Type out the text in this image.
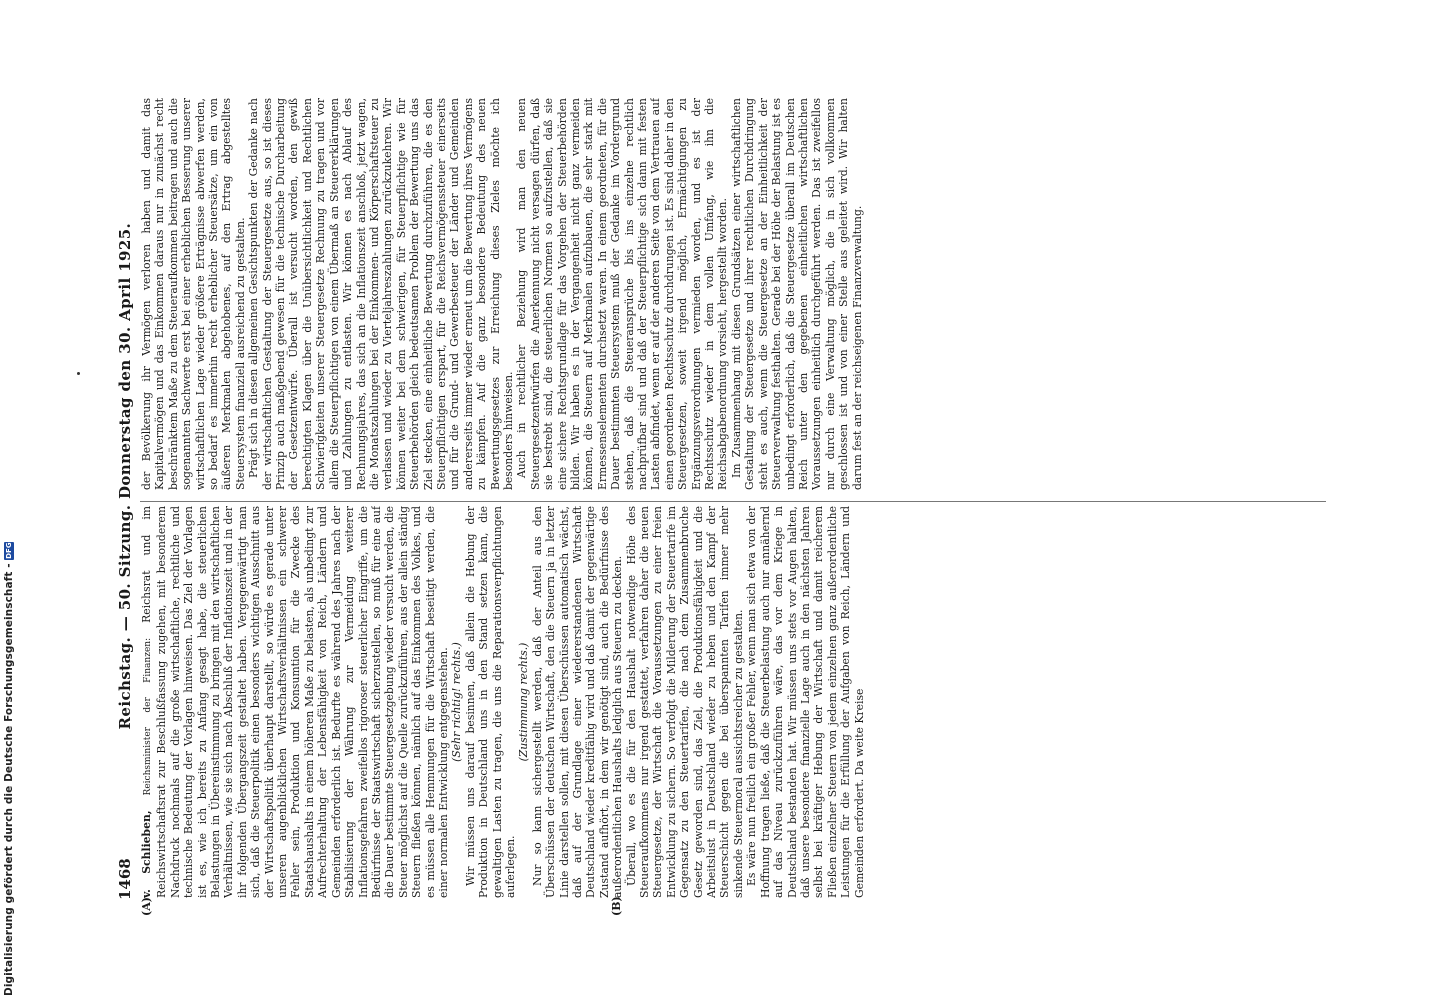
Digitalisierung gefördert durch die Deutsche Forschungsgemeinschaft - DFG
1468
Reichstag. — 50. Sitzung. Donnerstag den 30. April 1925.
(A)	(B)

v. Schlieben, Reichsminister der Finanzen: Reichsrat und im Reichswirtschaftsrat zur Beschlußfassung zugehen, mit besonderem Nachdruck nochmals auf die große wirtschaftliche, rechtliche und technische Bedeutung der Vorlagen hinweisen. Das Ziel der Vorlagen ist es, wie ich bereits zu Anfang gesagt habe, die steuerlichen Belastungen in Übereinstimmung zu bringen mit den wirtschaftlichen Verhältnissen, wie sie sich nach Abschluß der Inflationszeit und in der ihr folgenden Übergangszeit gestaltet haben. Vergegenwärtigt man sich, daß die Steuerpolitik einen besonders wichtigen Ausschnitt aus der Wirtschaftspolitik überhaupt darstellt, so würde es gerade unter unseren augenblicklichen Wirtschaftsverhältnissen ein schwerer Fehler sein, Produktion und Konsumtion für die Zwecke des Staatshaushalts in einem höheren Maße zu belasten, als unbedingt zur Aufrechterhaltung der Lebensfähigkeit von Reich, Ländern und Gemeinden erforderlich ist. Bedurfte es während des Jahres nach der Stabilisierung der Währung zur Vermeidung weiterer Inflationsgefahren zweifellos rigoroser steuerlicher Eingriffe, um die Bedürfnisse der Staatswirtschaft sicherzustellen, so muß für eine auf die Dauer bestimmte Steuergesetzgebung wieder versucht werden, die Steuer möglichst auf die Quelle zurückzuführen, aus der allein ständig Steuern fließen können, nämlich auf das Einkommen des Volkes, und es müssen alle Hemmungen für die Wirtschaft beseitigt werden, die einer normalen Entwicklung entgegenstehen. (Sehr richtig! rechts.) Wir müssen uns darauf besinnen, daß allein die Hebung der Produktion in Deutschland uns in den Stand setzen kann, die gewaltigen Lasten zu tragen, die uns die Reparationsverpflichtungen auferlegen.

(Zustimmung rechts.) Nur so kann sichergestellt werden, daß der Anteil aus den Überschüssen der deutschen Wirtschaft, den die Steuern ja in letzter Linie darstellen sollen, mit diesen Überschüssen automatisch wächst, daß auf der Grundlage einer wiedererstandenen Wirtschaft Deutschland wieder kreditfähig wird und daß damit der gegenwärtige Zustand aufhört, in dem wir genötigt sind, auch die Bedürfnisse des außerordentlichen Haushalts lediglich aus Steuern zu decken. Überall, wo es die für den Haushalt notwendige Höhe des Steueraufkommens nur irgend gestattet, verfahren daher die neuen Steuergesetze, der Wirtschaft die Voraussetzungen zu einer freien Entwicklung zu sichern. So verfolgt die Milderung der Steuertarife im Gegensatz zu den Steuertarifen, die nach dem Zusammenbruche Gesetz geworden sind, das Ziel, die Produktionsfähigkeit und die Arbeitslust in Deutschland wieder zu heben und den Kampf der Steuerschicht gegen die bei überspannten Tarifen immer mehr sinkende Steuermoral aussichtsreicher zu gestalten. Es wäre nun freilich ein großer Fehler, wenn man sich etwa von der Hoffnung tragen ließe, daß die Steuerbelastung auch nur annähernd auf das Niveau zurückzuführen wäre, das vor dem Kriege in Deutschland bestanden hat. Wir müssen uns stets vor Augen halten, daß unsere besondere finanzielle Lage auch in den nächsten Jahren selbst bei kräftiger Hebung der Wirtschaft und damit reicherem Fließen einzelner Steuern von jedem einzelnen ganz außerordentliche Leistungen für die Erfüllung der Aufgaben von Reich, Ländern und Gemeinden erfordert. Da weite Kreise

der Bevölkerung ihr Vermögen verloren haben und damit das Kapitalvermögen und das Einkommen daraus nur in zunächst recht beschränktem Maße zu dem Steueraufkommen beitragen und auch die sogenannten Sachwerte erst bei einer erheblichen Besserung unserer wirtschaftlichen Lage wieder größere Erträgnisse abwerfen werden, so bedarf es immerhin recht erheblicher Steuersätze, um ein von äußeren Merkmalen abgehobenes, auf den Ertrag abgestelltes Steuersystem finanziell ausreichend zu gestalten. Prägt sich in diesen allgemeinen Gesichtspunkten der Gedanke nach der wirtschaftlichen Gestaltung der Steuergesetze aus, so ist dieses Prinzip auch maßgebend gewesen für die technische Durcharbeitung der Gesetzentwürfe. Überall ist versucht worden, den gewiß berechtigten Klagen über die Unübersichtlichkeit und Rechtlichen Schwierigkeiten unserer Steuergesetze Rechnung zu tragen und vor allem die Steuerpflichtigen von einem Übermaß an Steuererklärungen und Zahlungen zu entlasten. Wir können es nach Ablauf des Rechnungsjahres, das sich an die Inflationszeit anschloß, jetzt wagen, die Monatszahlungen bei der Einkommen- und Körperschaftsteuer zu verlassen und wieder zu Vierteljahreszahlungen zurückzukehren. Wir können weiter bei dem schwierigen, für Steuerpflichtige wie für Steuerbehörden gleich bedeutsamen Problem der Bewertung uns das Ziel stecken, eine einheitliche Bewertung durchzuführen, die es den Steuerpflichtigen erspart, für die Reichsvermögenssteuer einerseits und für die Grund- und Gewerbesteuer der Länder und Gemeinden andererseits immer wieder erneut um die Bewertung ihres Vermögens zu kämpfen. Auf die ganz besondere Bedeutung des neuen Bewertungsgesetzes zur Erreichung dieses Zieles möchte ich besonders hinweisen. Auch in rechtlicher Beziehung wird man den neuen Steuergesetzentwürfen die Anerkennung nicht versagen dürfen, daß sie bestrebt sind, die steuerlichen Normen so aufzustellen, daß sie eine sichere Rechtsgrundlage für das Vorgehen der Steuerbehörden bilden. Wir haben es in der Vergangenheit nicht ganz vermeiden können, die Steuern auf Merkmalen aufzubauen, die sehr stark mit Ermessenselementen durchsetzt waren. In einem geordneten, für die Dauer bestimmten Steuersystem muß der Gedanke im Vordergrund stehen, daß die Steueransprüche bis ins einzelne rechtlich nachprüfbar sind und daß der Steuerpflichtige sich dann mit festen Lasten abfindet, wenn er auf der anderen Seite von dem Vertrauen auf einen geordneten Rechtsschutz durchdrungen ist. Es sind daher in den Steuergesetzen, soweit irgend möglich, Ermächtigungen zu Ergänzungsverordnungen vermieden worden, und es ist der Rechtsschutz wieder in dem vollen Umfang, wie ihn die Reichsabgabenordnung vorsieht, hergestellt worden. Im Zusammenhang mit diesen Grundsätzen einer wirtschaftlichen Gestaltung der Steuergesetze und ihrer rechtlichen Durchdringung steht es auch, wenn die Steuergesetze an der Einheitlichkeit der Steuerverwaltung festhalten. Gerade bei der Höhe der Belastung ist es unbedingt erforderlich, daß die Steuergesetze überall im Deutschen Reich unter den gegebenen einheitlichen wirtschaftlichen Voraussetzungen einheitlich durchgeführt werden. Das ist zweifellos nur durch eine Verwaltung möglich, die in sich vollkommen geschlossen ist und von einer Stelle aus geleitet wird. Wir halten darum fest an der reichseigenen Finanzverwaltung.
